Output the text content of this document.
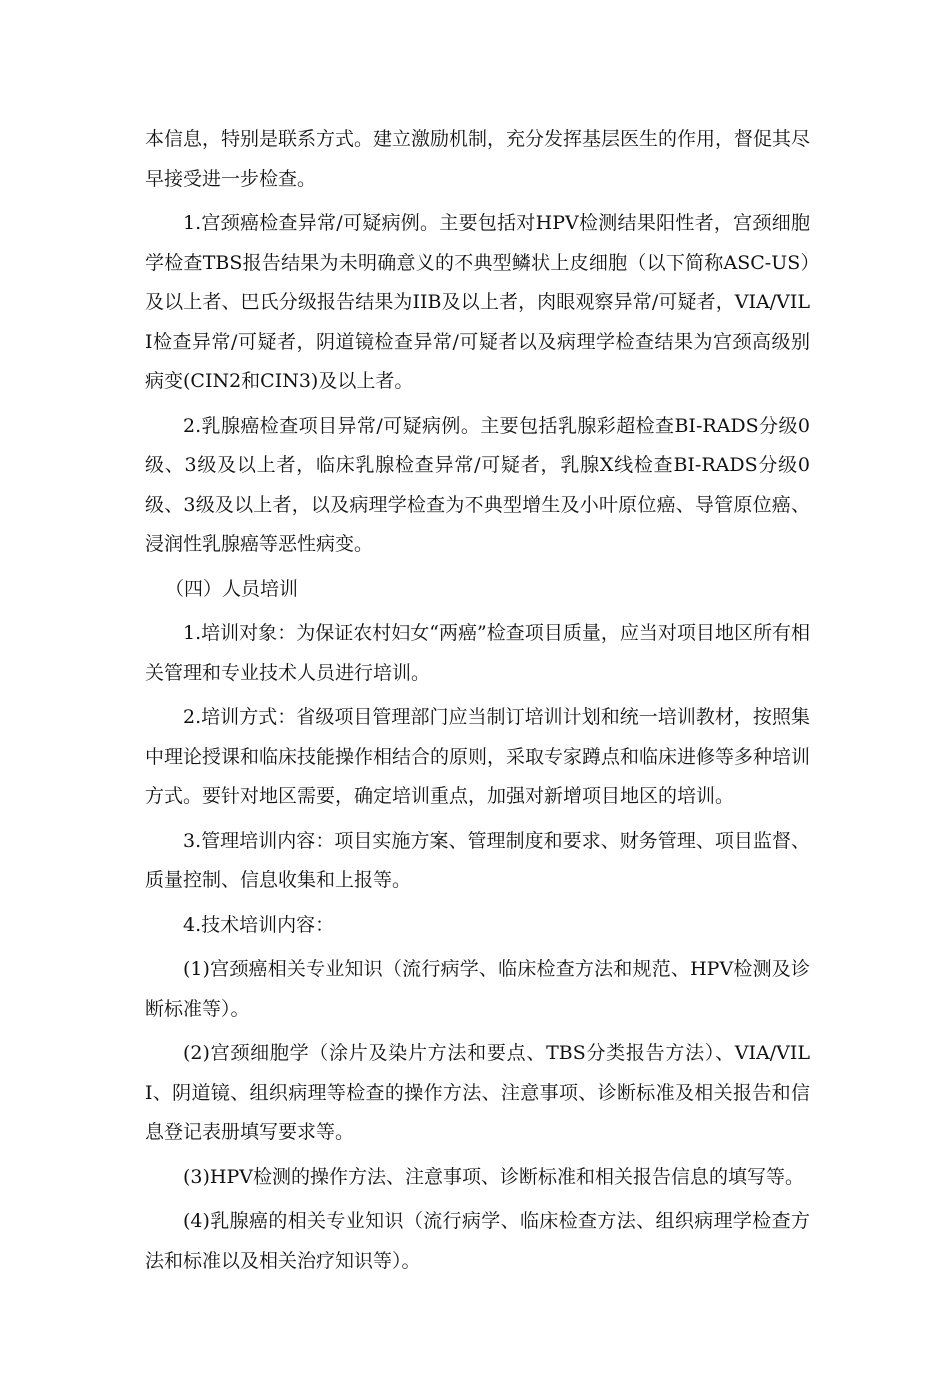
本信息，特别是联系方式。建立激励机制，充分发挥基层医生的作用，督促其尽早接受进一步检查。

1.宫颈癌检查异常/可疑病例。主要包括对HPV检测结果阳性者，宫颈细胞学检查TBS报告结果为未明确意义的不典型鳞状上皮细胞（以下简称ASC-US）及以上者、巴氏分级报告结果为IIB及以上者，肉眼观察异常/可疑者，VIA/VILI检查异常/可疑者，阴道镜检查异常/可疑者以及病理学检查结果为宫颈高级别病变(CIN2和CIN3)及以上者。

2.乳腺癌检查项目异常/可疑病例。主要包括乳腺彩超检查BI-RADS分级0级、3级及以上者，临床乳腺检查异常/可疑者，乳腺X线检查BI-RADS分级0级、3级及以上者，以及病理学检查为不典型增生及小叶原位癌、导管原位癌、浸润性乳腺癌等恶性病变。

（四）人员培训

1.培训对象：为保证农村妇女“两癌”检查项目质量，应当对项目地区所有相关管理和专业技术人员进行培训。

2.培训方式：省级项目管理部门应当制订培训计划和统一培训教材，按照集中理论授课和临床技能操作相结合的原则，采取专家蹲点和临床进修等多种培训方式。要针对地区需要，确定培训重点，加强对新增项目地区的培训。

3.管理培训内容：项目实施方案、管理制度和要求、财务管理、项目监督、质量控制、信息收集和上报等。

4.技术培训内容：

(1)宫颈癌相关专业知识（流行病学、临床检查方法和规范、HPV检测及诊断标准等）。

(2)宫颈细胞学（涂片及染片方法和要点、TBS分类报告方法）、VIA/VILI、阴道镜、组织病理等检查的操作方法、注意事项、诊断标准及相关报告和信息登记表册填写要求等。

(3)HPV检测的操作方法、注意事项、诊断标准和相关报告信息的填写等。

(4)乳腺癌的相关专业知识（流行病学、临床检查方法、组织病理学检查方法和标准以及相关治疗知识等）。
